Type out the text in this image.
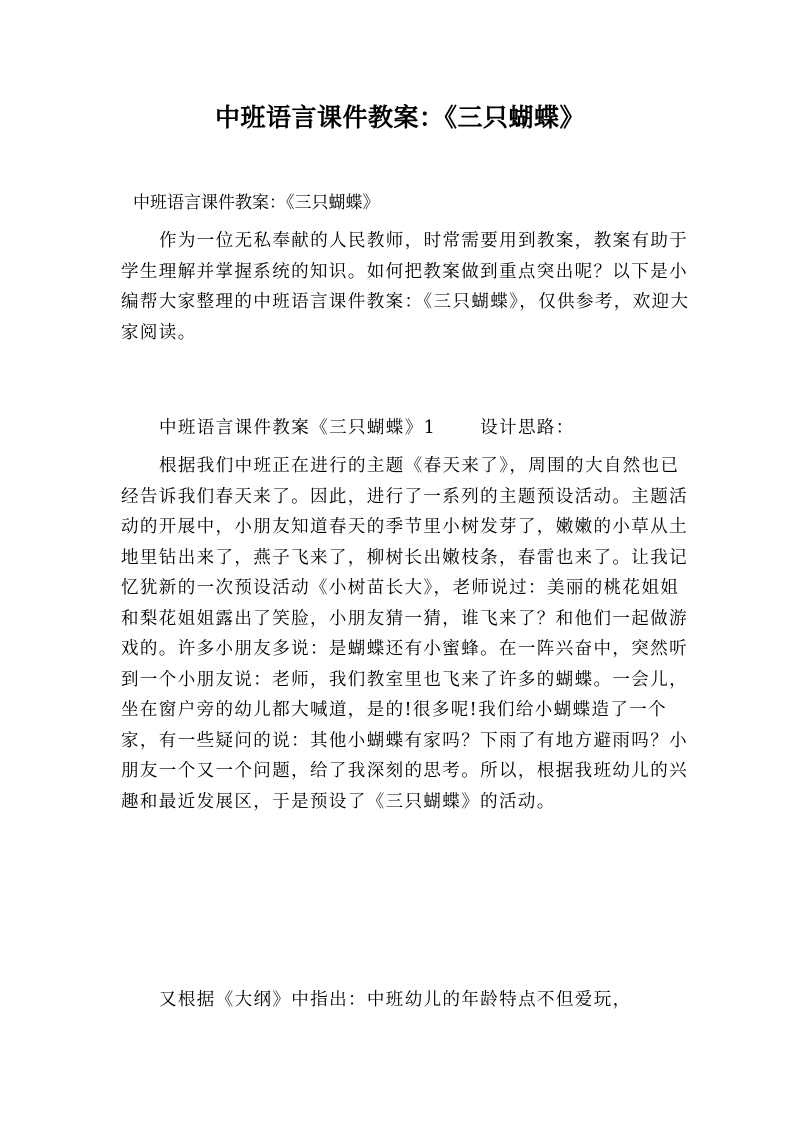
中班语言课件教案：《三只蝴蝶》
中班语言课件教案：《三只蝴蝶》

作为一位无私奉献的人民教师，时常需要用到教案，教案有助于学生理解并掌握系统的知识。如何把教案做到重点突出呢？以下是小编帮大家整理的中班语言课件教案：《三只蝴蝶》，仅供参考，欢迎大家阅读。

中班语言课件教案《三只蝴蝶》1	设计思路：

根据我们中班正在进行的主题《春天来了》，周围的大自然也已经告诉我们春天来了。因此，进行了一系列的主题预设活动。主题活动的开展中，小朋友知道春天的季节里小树发芽了，嫩嫩的小草从土地里钻出来了，燕子飞来了，柳树长出嫩枝条，春雷也来了。让我记忆犹新的一次预设活动《小树苗长大》，老师说过：美丽的桃花姐姐和梨花姐姐露出了笑脸，小朋友猜一猜，谁飞来了？和他们一起做游戏的。许多小朋友多说：是蝴蝶还有小蜜蜂。在一阵兴奋中，突然听到一个小朋友说：老师，我们教室里也飞来了许多的蝴蝶。一会儿，坐在窗户旁的幼儿都大喊道，是的!很多呢!我们给小蝴蝶造了一个家，有一些疑问的说：其他小蝴蝶有家吗？下雨了有地方避雨吗？小朋友一个又一个问题，给了我深刻的思考。所以，根据我班幼儿的兴趣和最近发展区，于是预设了《三只蝴蝶》的活动。

又根据《大纲》中指出：中班幼儿的年龄特点不但爱玩，
